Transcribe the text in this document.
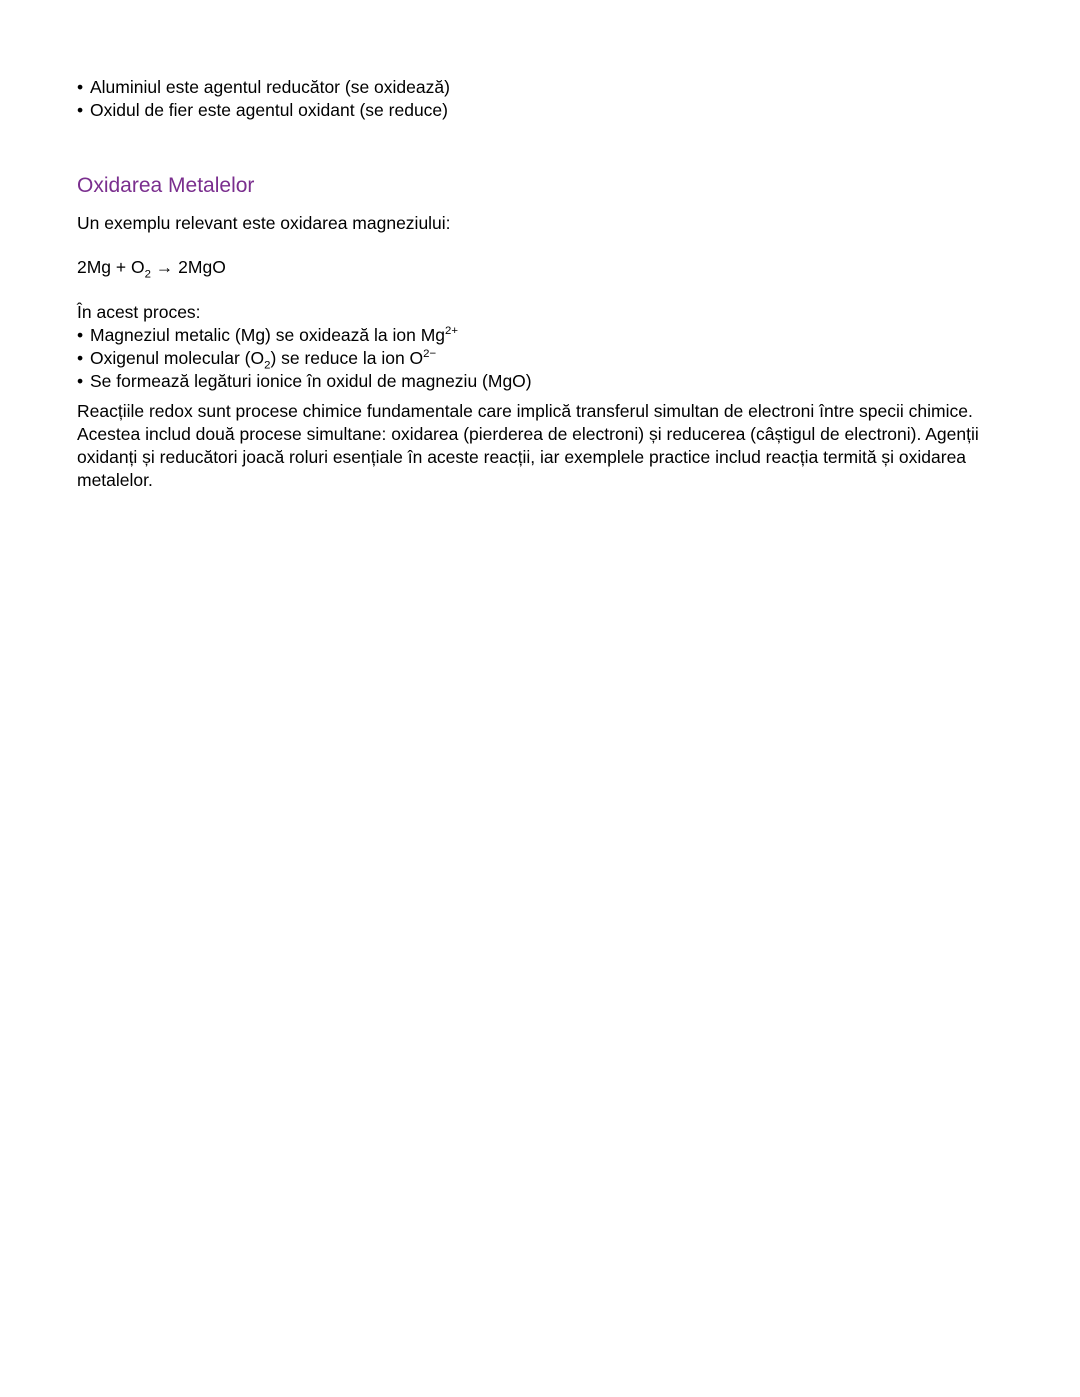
• Aluminiul este agentul reducător (se oxidează)
• Oxidul de fier este agentul oxidant (se reduce)
Oxidarea Metalelor

Un exemplu relevant este oxidarea magneziului:

$2Mg + O_2 \to 2MgO$

În acest proces:

• Magneziul metalic (Mg) se oxidează la ion $Mg^{2+}$
• Oxigenul molecular $(O_2)$ se reduce la ion $O^{2-}$
• Se formează legături ionice în oxidul de magneziu (MgO)

Reacțiile redox sunt procese chimice fundamentale care implică transferul simultan de electroni între specii chimice. Acestea includ două procese simultane: oxidarea (pierderea de electroni) și reducerea (câștigul de electroni). Agenții oxidanți și reducători joacă roluri esențiale în aceste reacții, iar exemplele practice includ reacția termită și oxidarea metalelor.
